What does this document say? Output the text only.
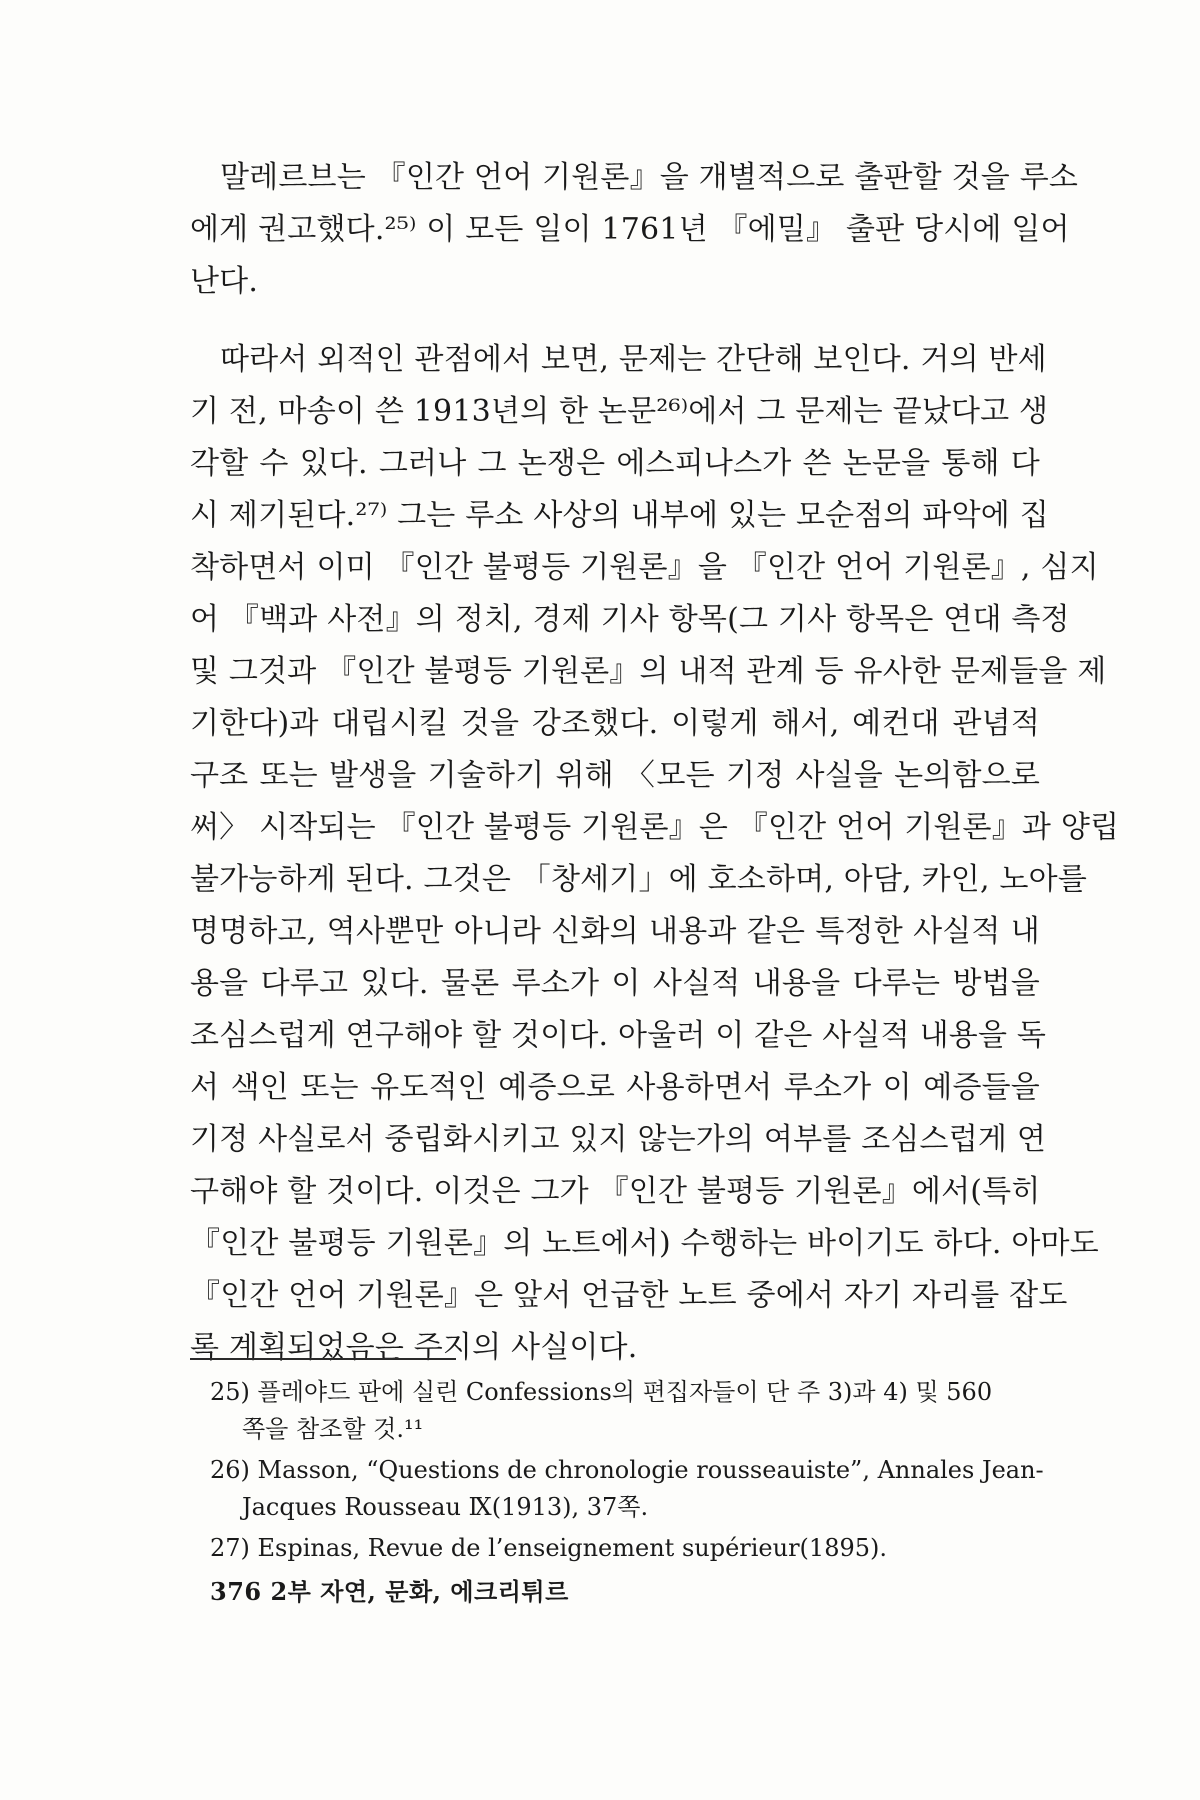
말레르브는 『인간 언어 기원론』을 개별적으로 출판할 것을 루소
에게 권고했다.²⁵⁾ 이 모든 일이 1761년 『에밀』 출판 당시에 일어
난다.
따라서 외적인 관점에서 보면, 문제는 간단해 보인다. 거의 반세
기 전, 마송이 쓴 1913년의 한 논문²⁶⁾에서 그 문제는 끝났다고 생
각할 수 있다. 그러나 그 논쟁은 에스피나스가 쓴 논문을 통해 다
시 제기된다.²⁷⁾ 그는 루소 사상의 내부에 있는 모순점의 파악에 집
착하면서 이미 『인간 불평등 기원론』을 『인간 언어 기원론』, 심지
어 『백과 사전』의 정치, 경제 기사 항목(그 기사 항목은 연대 측정
및 그것과 『인간 불평등 기원론』의 내적 관계 등 유사한 문제들을 제
기한다)과 대립시킬 것을 강조했다. 이렇게 해서, 예컨대 관념적
구조 또는 발생을 기술하기 위해 〈모든 기정 사실을 논의함으로
써〉 시작되는 『인간 불평등 기원론』은 『인간 언어 기원론』과 양립
불가능하게 된다. 그것은 「창세기」에 호소하며, 아담, 카인, 노아를
명명하고, 역사뿐만 아니라 신화의 내용과 같은 특정한 사실적 내
용을 다루고 있다. 물론 루소가 이 사실적 내용을 다루는 방법을
조심스럽게 연구해야 할 것이다. 아울러 이 같은 사실적 내용을 독
서 색인 또는 유도적인 예증으로 사용하면서 루소가 이 예증들을
기정 사실로서 중립화시키고 있지 않는가의 여부를 조심스럽게 연
구해야 할 것이다. 이것은 그가 『인간 불평등 기원론』에서(특히
『인간 불평등 기원론』의 노트에서) 수행하는 바이기도 하다. 아마도
『인간 언어 기원론』은 앞서 언급한 노트 중에서 자기 자리를 잡도
록 계획되었음은 주지의 사실이다.
25) 플레야드 판에 실린 Confessions의 편집자들이 단 주 3)과 4) 및 560
쪽을 참조할 것.¹¹
26) Masson, “Questions de chronologie rousseauiste”, Annales Jean-
Jacques Rousseau Ⅸ(1913), 37쪽.
27) Espinas, Revue de l’enseignement supérieur(1895).
376 2부 자연, 문화, 에크리튀르
